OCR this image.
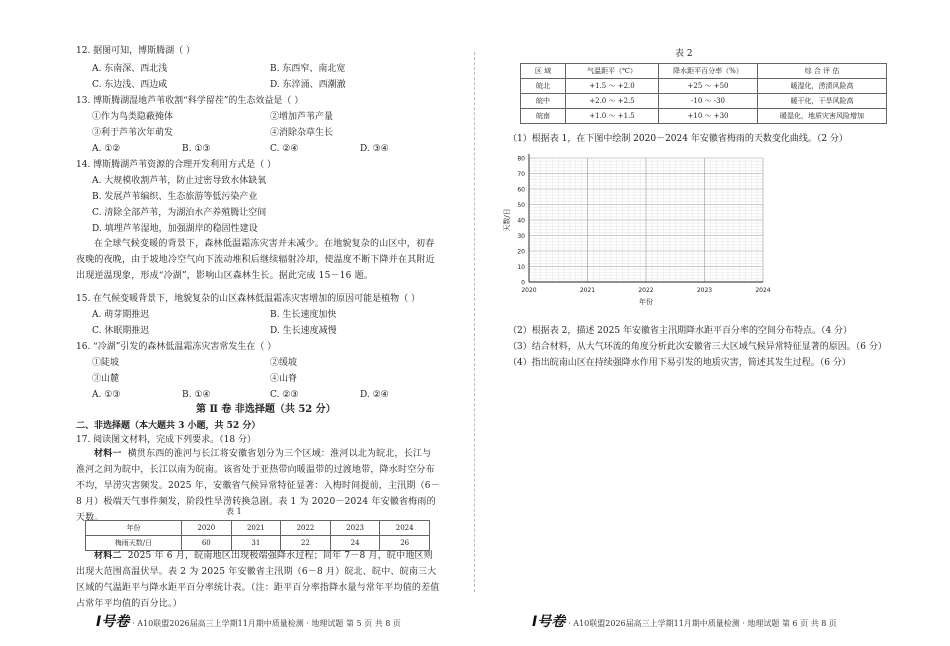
12. 据图可知，博斯腾湖（ ）
A. 东南深、西北浅	B. 东西窄、南北宽
C. 东边浅、西边咸	D. 东淬涌、西潮澈
13. 博斯腾湖湿地芦苇收割“科学留茬”的生态效益是（ ）
①作为鸟类隐蔽掩体	②增加芦苇产量
③利于芦苇次年萌发	④消除杂草生长
A. ①②	B. ①③	C. ②④	D. ③④
14. 博斯腾湖芦苇资源的合理开发利用方式是（ ）
A. 大规模收割芦苇，防止过密导致水体缺氧
B. 发展芦苇编织、生态旅游等低污染产业
C. 清除全部芦苇，为湖泊水产养殖腾让空间
D. 填埋芦苇湿地，加强湖岸的稳固性建设
在全球气候变暖的背景下，森林低温霜冻灾害并未减少。在地貌复杂的山区中，初春夜晚的夜晚，由于坡地冷空气向下流动堆积后继续辐射冷却，使温度不断下降并在其附近出现逆温现象，形成“冷湖”，影响山区森林生长。据此完成 15－16 题。
15. 在气候变暖背景下，地貌复杂的山区森林低温霜冻灾害增加的原因可能是植物（ ）
A. 萌芽期推迟	B. 生长速度加快
C. 休眠期推迟	D. 生长速度减慢
16. “冷湖”引发的森林低温霜冻灾害常发生在（ ）
①陡坡	②缓坡
③山麓	④山脊
A. ①③	B. ①④	C. ②③	D. ②④
第 Ⅱ 卷 非选择题（共 52 分）
二、非选择题（本大题共 3 小题，共 52 分）
17. 阅读图文材料，完成下列要求。（18 分）
材料一 横贯东西的淮河与长江将安徽省划分为三个区域：淮河以北为皖北，长江与淮河之间为皖中，长江以南为皖南。该省处于亚热带向暖温带的过渡地带，降水时空分布不均，旱涝灾害频发。2025 年，安徽省气候异常特征显著：入梅时间提前，主汛期（6－8 月）极端天气事件频发，阶段性旱涝转换急剧。表 1 为 2020－2024 年安徽省梅雨的天数。
表 1
年份	2020	2021	2022	2023	2024
梅雨天数/日	60	31	22	24	26
材料二 2025 年 6 月，皖南地区出现极端强降水过程；同年 7－8 月，皖中地区则出现大范围高温伏旱。表 2 为 2025 年安徽省主汛期（6－8 月）皖北、皖中、皖南三大区域的气温距平与降水距平百分率统计表。（注：距平百分率指降水量与常年平均值的差值占常年平均值的百分比。）
I号卷 · A10联盟2026届高三上学期11月期中质量检测 · 地理试题 第 5 页 共 8 页
表 2
区 域	气温距平（℃）	降水距平百分率（%）	综 合 评 估
皖北	+1.5 ～ +2.0	+25 ～ +50	暖湿化，涝渍风险高
皖中	+2.0 ～ +2.5	-10 ～ -30	暖干化，干旱风险高
皖南	+1.0 ～ +1.5	+10 ～ +30	暖湿化，地质灾害风险增加
（1）根据表 1，在下图中绘制 2020－2024 年安徽省梅雨的天数变化曲线。（2 分）
0
10
20
30
40
50
60
70
80
2020	2021	2022	2023	2024
天数/日
年份
（2）根据表 2，描述 2025 年安徽省主汛期降水距平百分率的空间分布特点。（4 分）
（3）结合材料，从大气环流的角度分析此次安徽省三大区域气候异常特征显著的原因。（6 分）
（4）指出皖南山区在持续强降水作用下易引发的地质灾害，简述其发生过程。（6 分）
I号卷 · A10联盟2026届高三上学期11月期中质量检测 · 地理试题 第 6 页 共 8 页
